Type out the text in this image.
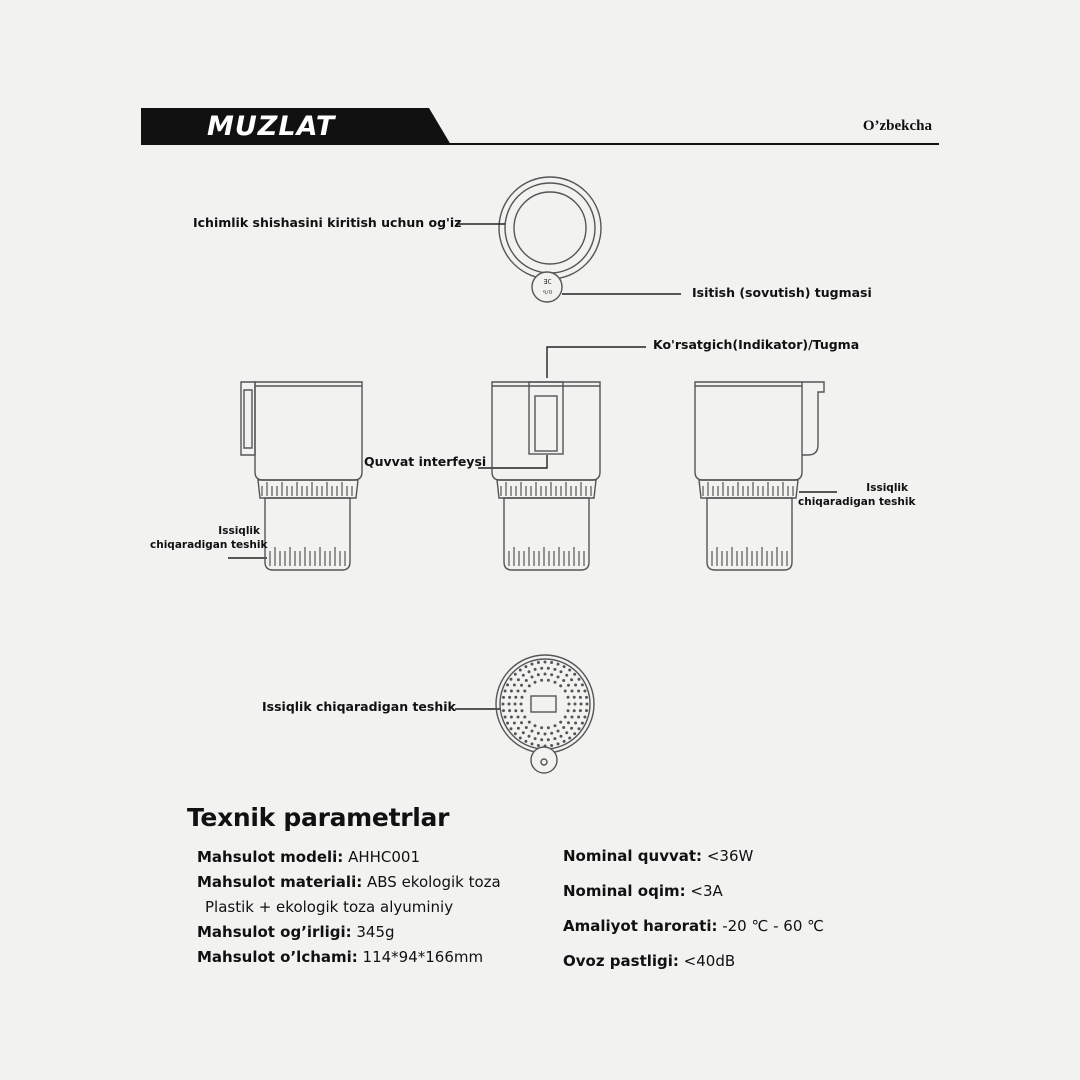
MUZLAT	O’zbekcha
ƎC
ꟼ/O
Ichimlik shishasini kiritish uchun og'iz
Isitish (sovutish) tugmasi
Ko'rsatgich(Indikator)/Tugma
Quvvat interfeysi
Issiqlik
chiqaradigan teshik
Issiqlik
chiqaradigan teshik
Issiqlik chiqaradigan teshik
Texnik parametrlar
Mahsulot modeli: AHHC001
Mahsulot materiali: ABS ekologik toza
Plastik + ekologik toza alyuminiy
Mahsulot og’irligi: 345g
Mahsulot o’lchami: 114*94*166mm
Nominal quvvat: <36W
Nominal oqim: <3A
Amaliyot harorati: -20 ℃ - 60 ℃
Ovoz pastligi: <40dB
